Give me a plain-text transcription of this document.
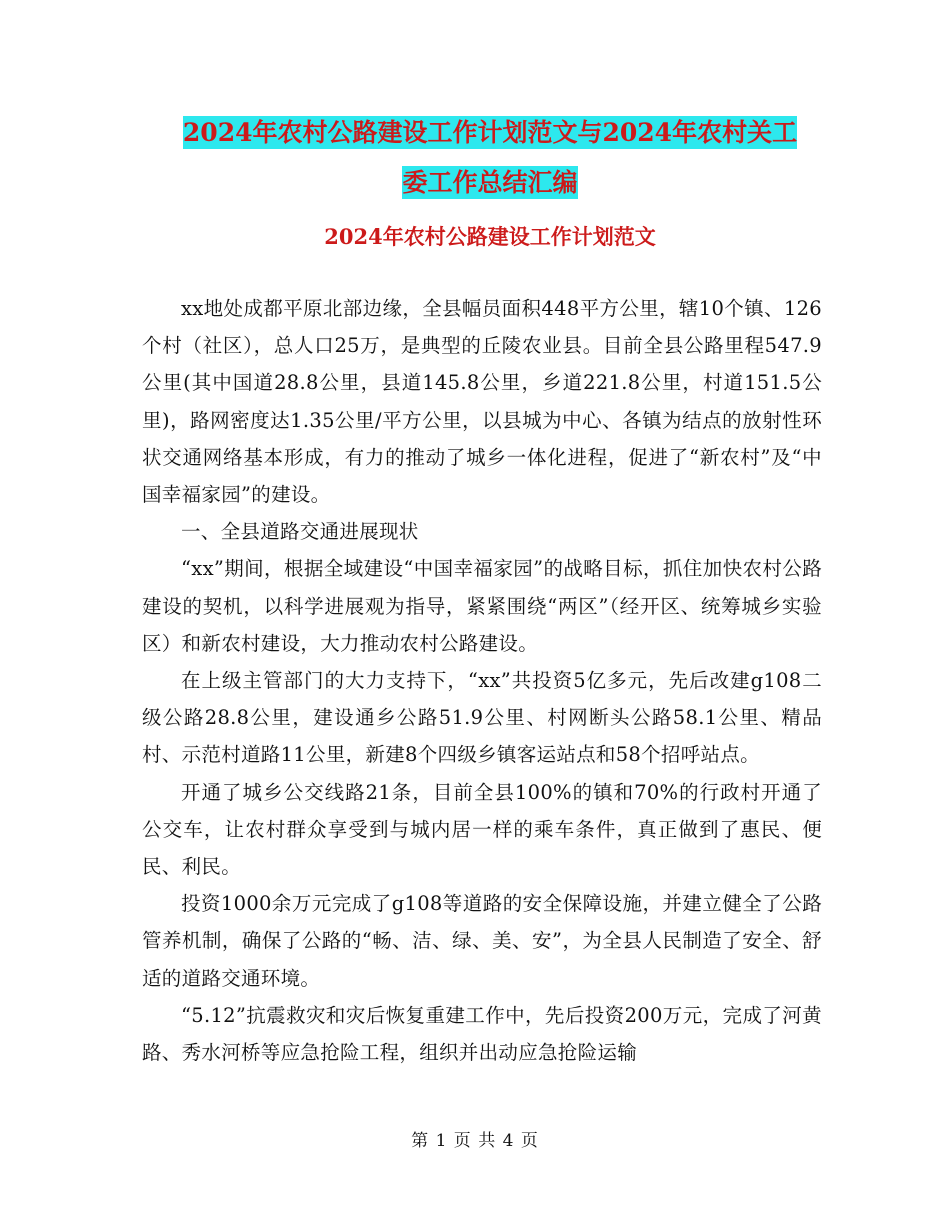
2024年农村公路建设工作计划范文与2024年农村关工
委工作总结汇编
2024年农村公路建设工作计划范文

xx地处成都平原北部边缘，全县幅员面积448平方公里，辖10个镇、126个村（社区），总人口25万，是典型的丘陵农业县。目前全县公路里程547.9公里(其中国道28.8公里，县道145.8公里，乡道221.8公里，村道151.5公里)，路网密度达1.35公里/平方公里，以县城为中心、各镇为结点的放射性环状交通网络基本形成，有力的推动了城乡一体化进程，促进了“新农村”及“中国幸福家园”的建设。

一、全县道路交通进展现状

“xx”期间，根据全域建设“中国幸福家园”的战略目标，抓住加快农村公路建设的契机，以科学进展观为指导，紧紧围绕“两区”（经开区、统筹城乡实验区）和新农村建设，大力推动农村公路建设。

在上级主管部门的大力支持下，“xx”共投资5亿多元，先后改建g108二级公路28.8公里，建设通乡公路51.9公里、村网断头公路58.1公里、精品村、示范村道路11公里，新建8个四级乡镇客运站点和58个招呼站点。

开通了城乡公交线路21条，目前全县100%的镇和70%的行政村开通了公交车，让农村群众享受到与城内居一样的乘车条件，真正做到了惠民、便民、利民。

投资1000余万元完成了g108等道路的安全保障设施，并建立健全了公路管养机制，确保了公路的“畅、洁、绿、美、安”，为全县人民制造了安全、舒适的道路交通环境。

“5.12”抗震救灾和灾后恢复重建工作中，先后投资200万元，完成了河黄路、秀水河桥等应急抢险工程，组织并出动应急抢险运输

第 1 页 共 4 页
